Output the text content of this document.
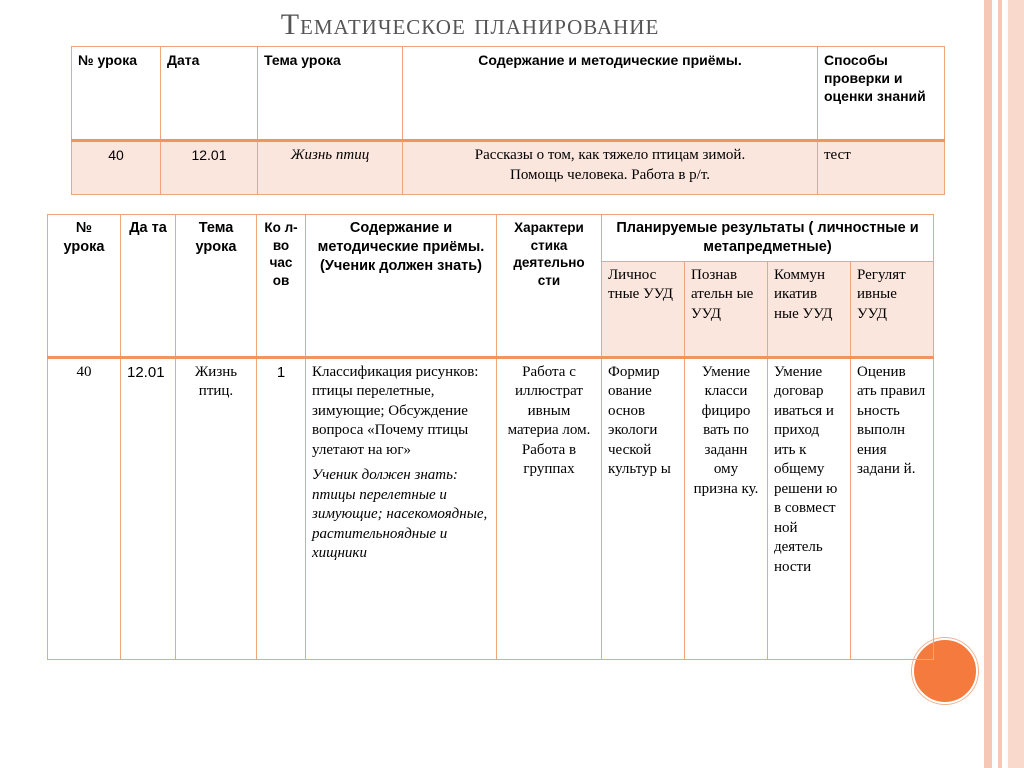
Тематическое планирование
№ урока	Дата	Тема урока	Содержание и методические приёмы.	Способы проверки и оценки знаний
40	12.01	Жизнь птиц	Рассказы о том, как тяжело птицам зимой.
Помощь человека. Работа в р/т.	тест
№ урока	Да та	Тема урока	Ко л-во час ов	Содержание и методические приёмы.
(Ученик должен знать)	Характери стика деятельно сти	Планируемые результаты ( личностные и метапредметные)			
						Личнос тные УУД	Познав ательн ые УУД	Коммун икатив ные УУД	Регулят ивные УУД
40	12.01	Жизнь птиц.	1	Классификация рисунков: птицы перелетные, зимующие; Обсуждение вопроса «Почему птицы улетают на юг»
Ученик должен знать: птицы перелетные и зимующие; насекомоядные, растительноядные и хищники	Работа с иллюстрат ивным материа лом. Работа в группах	Формир ование основ экологи ческой культур ы	Умение класси фициро вать по заданн ому призна ку.	Умение договар иваться и приход ить к общему решени ю в совмест ной деятель ности	Оценив ать правил ьность выполн ения задани й.
